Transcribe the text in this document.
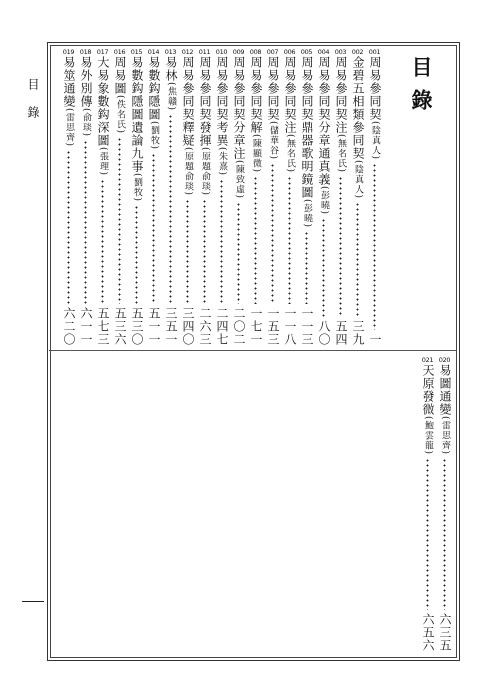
目 錄	目錄
001
周易參同契(陰真人)
一
002
金碧五相類參同契(陰真人)
三九
003
周易參同契注(無名氏)
五四
004
周易參同契分章通真義(彭曉)
八〇
005
周易參同契鼎器歌明鏡圖(彭曉)
一一三
006
周易參同契注(無名氏)
一一八
007
周易參同契(儲華谷)
一五三
008
周易參同契解(陳顯微)
一七一
009
周易參同契分章注(陳致虛)
二〇二
010
周易參同契考異(朱熹)
二四七
011
周易參同契發揮(原題俞琰)
二六三
012
周易參同契釋疑(原題俞琰)
三四〇
013
易林(焦贛)
三五一
014
易數鈎隱圖(劉牧)
五一一
015
易數鈎隱圖遺論九事(劉牧)
五三〇
016
周易圖(佚名氏)
五三六
017
大易象數鈎深圖(張理)
五七三
018
易外別傳(俞琰)
六一一
019
易筮通變(雷思齊)
六二〇
020
易圖通變(雷思齊)
六三五
021
天原發微(鮑雲龍)
六五六
